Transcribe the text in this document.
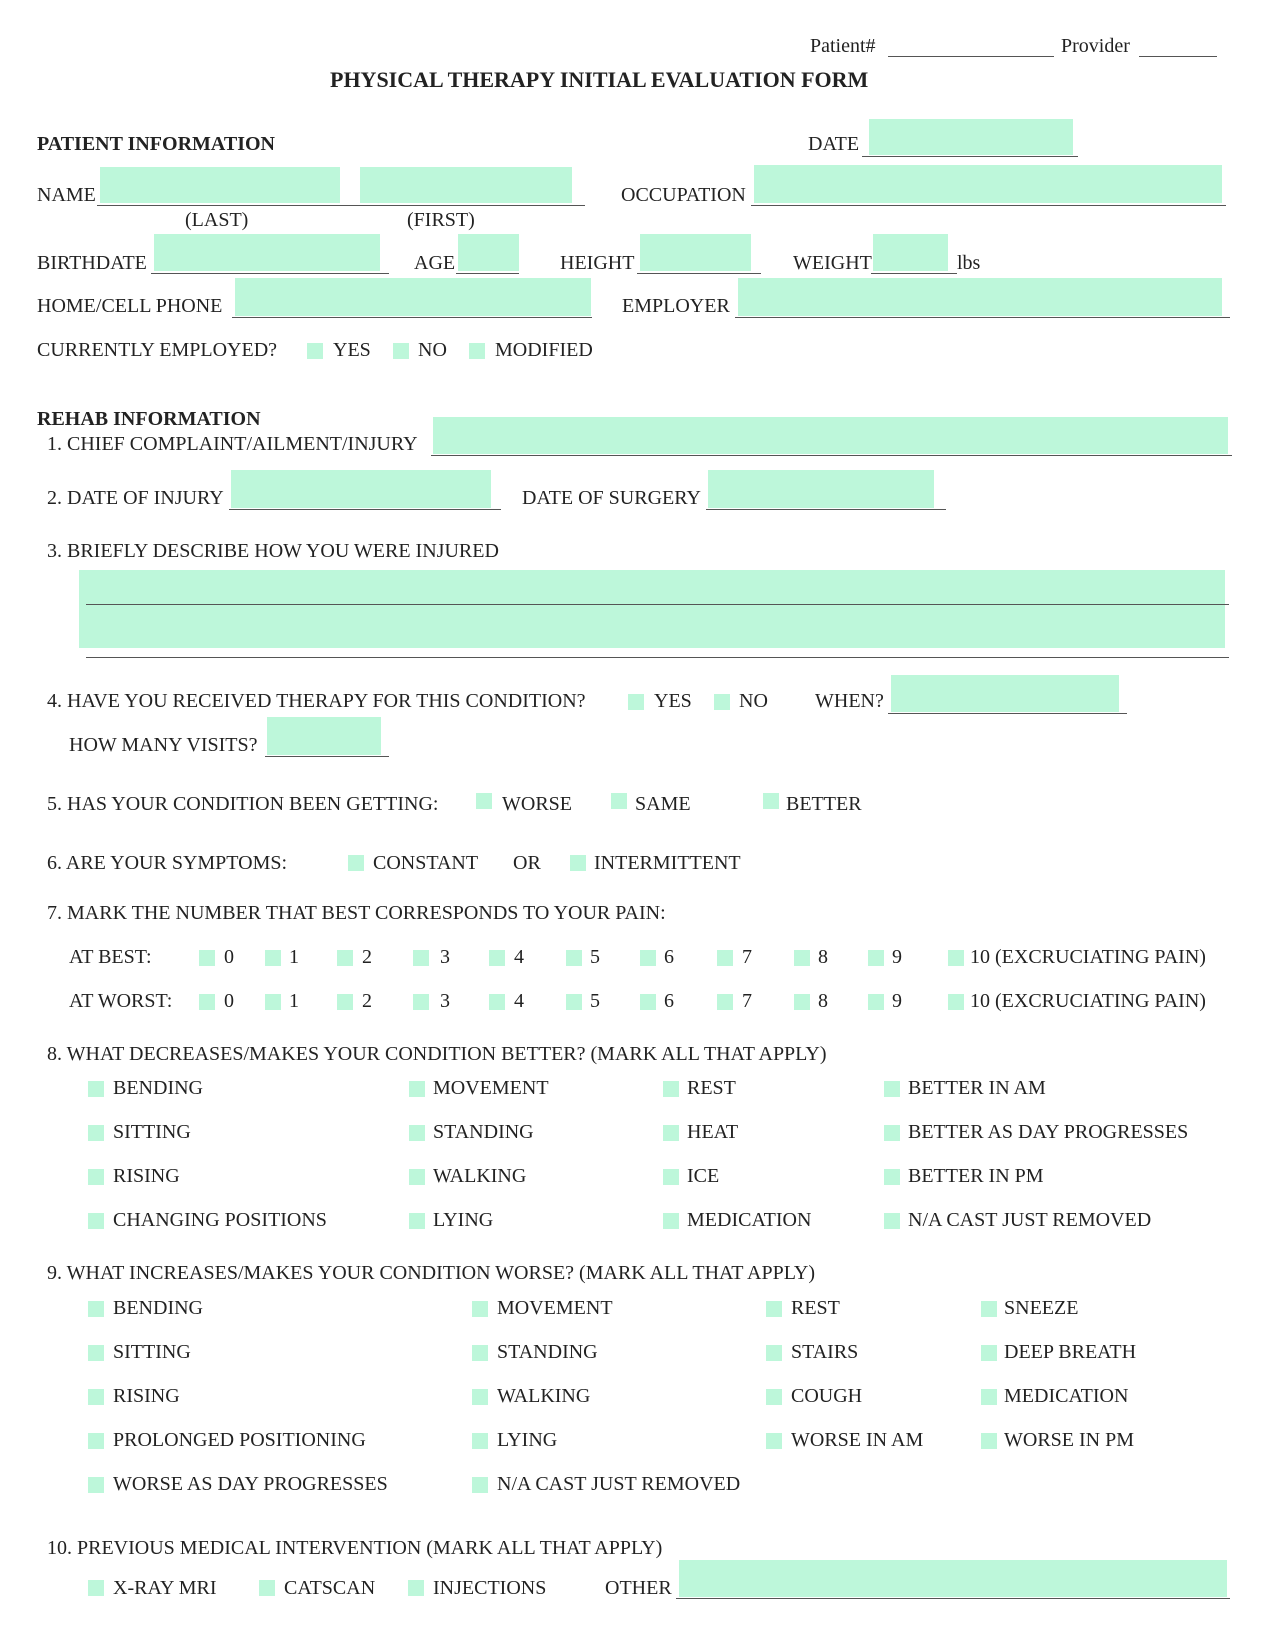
Patient#	Provider
PHYSICAL THERAPY INITIAL EVALUATION FORM
PATIENT INFORMATION	DATE
NAME
(LAST)	(FIRST)
OCCUPATION
BIRTHDATE	AGE	HEIGHT	WEIGHT	lbs
HOME/CELL PHONE	EMPLOYER
CURRENTLY EMPLOYED?	YES NO MODIFIED
REHAB INFORMATION
1. CHIEF COMPLAINT/AILMENT/INJURY
2. DATE OF INJURY	DATE OF SURGERY
3. BRIEFLY DESCRIBE HOW YOU WERE INJURED
4. HAVE YOU RECEIVED THERAPY FOR THIS CONDITION?	YES NO WHEN?
HOW MANY VISITS?
5. HAS YOUR CONDITION BEEN GETTING:	WORSE	SAME	BETTER
6. ARE YOUR SYMPTOMS:	CONSTANT OR	INTERMITTENT
7. MARK THE NUMBER THAT BEST CORRESPONDS TO YOUR PAIN:
AT BEST:	0	1	2	3	4	5	6	7	8	9	10 (EXCRUCIATING PAIN)
AT WORST:	0	1	2	3	4	5	6	7	8	9	10 (EXCRUCIATING PAIN)
8. WHAT DECREASES/MAKES YOUR CONDITION BETTER? (MARK ALL THAT APPLY)
BENDING	MOVEMENT	REST	BETTER IN AM
SITTING	STANDING	HEAT	BETTER AS DAY PROGRESSES
RISING	WALKING	ICE	BETTER IN PM
CHANGING POSITIONS	LYING	MEDICATION	N/A CAST JUST REMOVED
9. WHAT INCREASES/MAKES YOUR CONDITION WORSE? (MARK ALL THAT APPLY)
BENDING	MOVEMENT	REST	SNEEZE
SITTING	STANDING	STAIRS	DEEP BREATH
RISING	WALKING	COUGH	MEDICATION
PROLONGED POSITIONING	LYING	WORSE IN AM	WORSE IN PM
WORSE AS DAY PROGRESSES	N/A CAST JUST REMOVED
10. PREVIOUS MEDICAL INTERVENTION (MARK ALL THAT APPLY)
X-RAY MRI	CATSCAN	INJECTIONS	OTHER
